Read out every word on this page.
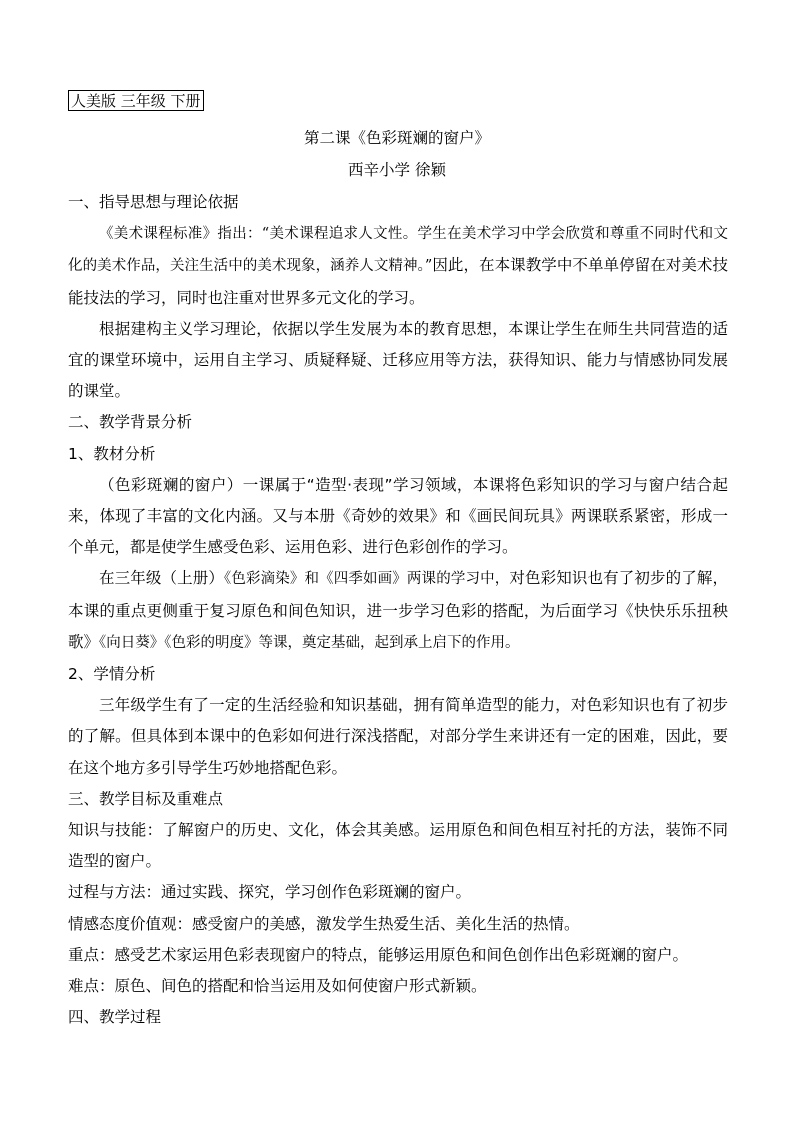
人美版 三年级 下册
第二课《色彩斑斓的窗户》
西辛小学 徐颖

一、指导思想与理论依据

《美术课程标准》指出：“美术课程追求人文性。学生在美术学习中学会欣赏和尊重不同时代和文化的美术作品，关注生活中的美术现象，涵养人文精神。”因此，在本课教学中不单单停留在对美术技能技法的学习，同时也注重对世界多元文化的学习。

根据建构主义学习理论，依据以学生发展为本的教育思想，本课让学生在师生共同营造的适宜的课堂环境中，运用自主学习、质疑释疑、迁移应用等方法，获得知识、能力与情感协同发展的课堂。

二、教学背景分析

1、教材分析

（色彩斑斓的窗户）一课属于“造型·表现”学习领域，本课将色彩知识的学习与窗户结合起来，体现了丰富的文化内涵。又与本册《奇妙的效果》和《画民间玩具》两课联系紧密，形成一个单元，都是使学生感受色彩、运用色彩、进行色彩创作的学习。

在三年级（上册）《色彩滴染》和《四季如画》两课的学习中，对色彩知识也有了初步的了解，本课的重点更侧重于复习原色和间色知识，进一步学习色彩的搭配，为后面学习《快快乐乐扭秧歌》《向日葵》《色彩的明度》等课，奠定基础，起到承上启下的作用。

2、学情分析

三年级学生有了一定的生活经验和知识基础，拥有简单造型的能力，对色彩知识也有了初步的了解。但具体到本课中的色彩如何进行深浅搭配，对部分学生来讲还有一定的困难，因此，要在这个地方多引导学生巧妙地搭配色彩。

三、教学目标及重难点

知识与技能：了解窗户的历史、文化，体会其美感。运用原色和间色相互衬托的方法，装饰不同造型的窗户。

过程与方法：通过实践、探究，学习创作色彩斑斓的窗户。

情感态度价值观：感受窗户的美感，激发学生热爱生活、美化生活的热情。

重点：感受艺术家运用色彩表现窗户的特点，能够运用原色和间色创作出色彩斑斓的窗户。

难点：原色、间色的搭配和恰当运用及如何使窗户形式新颖。

四、教学过程
